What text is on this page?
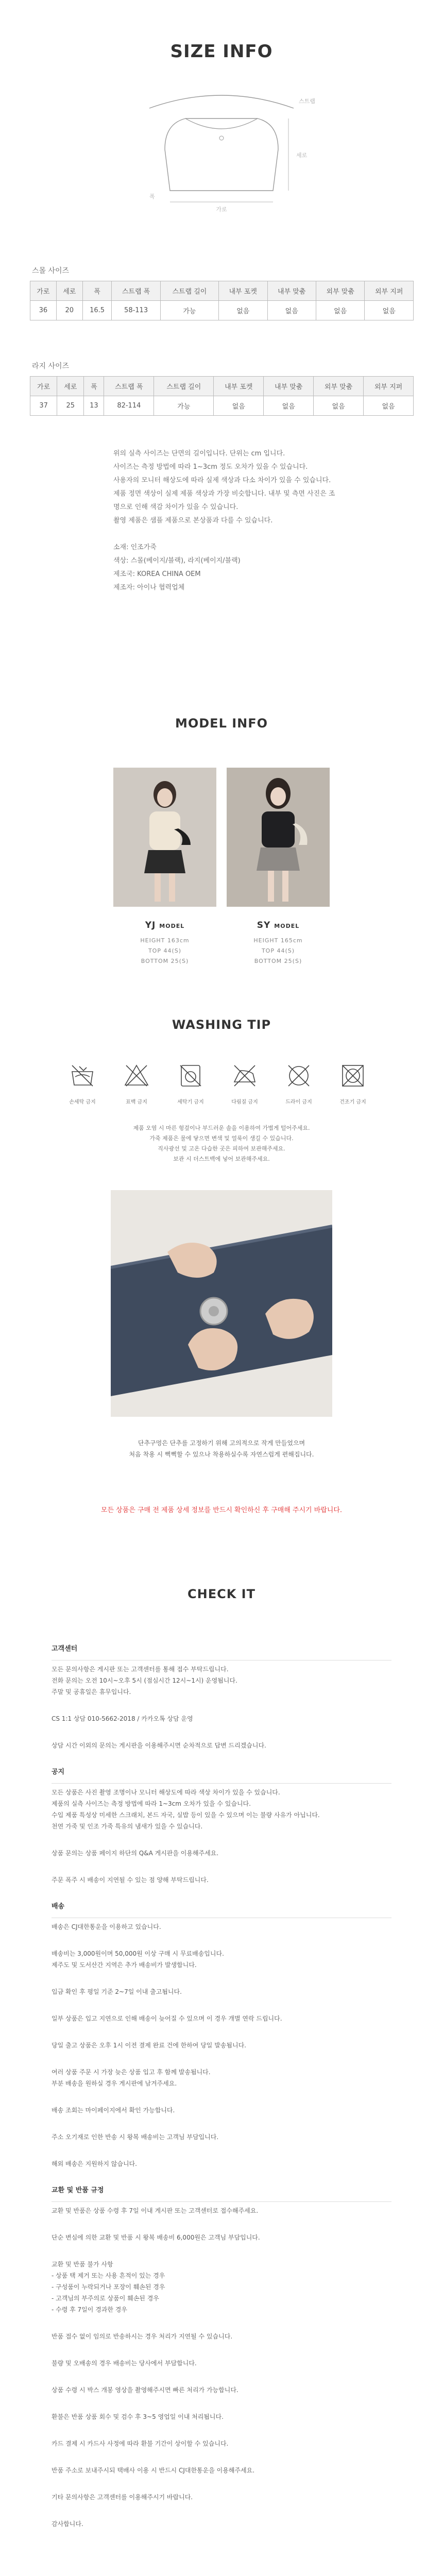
SIZE INFO
가로
세로
스트랩
폭
스몰 사이즈
가로	세로	폭	스트랩 폭	스트랩 길이	내부 포켓	내부 맞춤	외부 맞춤	외부 지퍼
36	20	16.5	58-113	가능	없음	없음	없음	없음
라지 사이즈
가로	세로	폭	스트랩 폭	스트랩 길이	내부 포켓	내부 맞춤	외부 맞춤	외부 지퍼
37	25	13	82-114	가능	없음	없음	없음	없음

위의 실측 사이즈는 단면의 길이입니다. 단위는 cm 입니다.

사이즈는 측정 방법에 따라 1~3cm 정도 오차가 있을 수 있습니다.

사용자의 모니터 해상도에 따라 실제 색상과 다소 차이가 있을 수 있습니다.

제품 정면 색상이 실제 제품 색상과 가장 비슷합니다. 내부 및 측면 사진은 조명으로 인해 색감 차이가 있을 수 있습니다.

촬영 제품은 샘플 제품으로 본상품과 다를 수 있습니다.

소재: 인조가죽

색상: 스몰(베이지/블랙), 라지(베이지/블랙)

제조국: KOREA CHINA OEM

제조자: 아이나 협력업체

MODEL INFO
YJ MODEL
HEIGHT 163cm
TOP 44(S)
BOTTOM 25(S)
SY MODEL
HEIGHT 165cm
TOP 44(S)
BOTTOM 25(S)
WASHING TIP
손세탁 금지	표백 금지	세탁기 금지	다림질 금지	드라이 금지	건조기 금지

제품 오염 시 마른 헝겊이나 부드러운 솔을 이용하여 가볍게 털어주세요.

가죽 제품은 물에 닿으면 변색 및 얼룩이 생길 수 있습니다.

직사광선 및 고온 다습한 곳은 피하여 보관해주세요.

보관 시 더스트백에 넣어 보관해주세요.

단추구멍은 단추를 고정하기 위해 고의적으로 작게 만들었으며

처음 착용 시 뻑뻑할 수 있으나 착용하실수록 자연스럽게 편해집니다.

모든 상품은 구매 전 제품 상세 정보를 반드시 확인하신 후 구매해 주시기 바랍니다.
CHECK IT

고객센터

모든 문의사항은 게시판 또는 고객센터를 통해 접수 부탁드립니다.

전화 문의는 오전 10시~오후 5시 (점심시간 12시~1시) 운영됩니다.

주말 및 공휴일은 휴무입니다.

CS 1:1 상담 010-5662-2018 / 카카오톡 상담 운영

상담 시간 이외의 문의는 게시판을 이용해주시면 순차적으로 답변 드리겠습니다.

공지

모든 상품은 사진 촬영 조명이나 모니터 해상도에 따라 색상 차이가 있을 수 있습니다.

제품의 실측 사이즈는 측정 방법에 따라 1~3cm 오차가 있을 수 있습니다.

수입 제품 특성상 미세한 스크래치, 본드 자국, 실밥 등이 있을 수 있으며 이는 불량 사유가 아닙니다.

천연 가죽 및 인조 가죽 특유의 냄새가 있을 수 있습니다.

상품 문의는 상품 페이지 하단의 Q&A 게시판을 이용해주세요.

주문 폭주 시 배송이 지연될 수 있는 점 양해 부탁드립니다.

배송

배송은 CJ대한통운을 이용하고 있습니다.

배송비는 3,000원이며 50,000원 이상 구매 시 무료배송입니다.

제주도 및 도서산간 지역은 추가 배송비가 발생합니다.

입금 확인 후 평일 기준 2~7일 이내 출고됩니다.

일부 상품은 입고 지연으로 인해 배송이 늦어질 수 있으며 이 경우 개별 연락 드립니다.

당일 출고 상품은 오후 1시 이전 결제 완료 건에 한하여 당일 발송됩니다.

여러 상품 주문 시 가장 늦은 상품 입고 후 함께 발송됩니다.

부분 배송을 원하실 경우 게시판에 남겨주세요.

배송 조회는 마이페이지에서 확인 가능합니다.

주소 오기재로 인한 반송 시 왕복 배송비는 고객님 부담입니다.

해외 배송은 지원하지 않습니다.

교환 및 반품 규정

교환 및 반품은 상품 수령 후 7일 이내 게시판 또는 고객센터로 접수해주세요.

단순 변심에 의한 교환 및 반품 시 왕복 배송비 6,000원은 고객님 부담입니다.

교환 및 반품 불가 사항

- 상품 택 제거 또는 사용 흔적이 있는 경우

- 구성품이 누락되거나 포장이 훼손된 경우

- 고객님의 부주의로 상품이 훼손된 경우

- 수령 후 7일이 경과한 경우

반품 접수 없이 임의로 반송하시는 경우 처리가 지연될 수 있습니다.

불량 및 오배송의 경우 배송비는 당사에서 부담합니다.

상품 수령 시 박스 개봉 영상을 촬영해주시면 빠른 처리가 가능합니다.

환불은 반품 상품 회수 및 검수 후 3~5 영업일 이내 처리됩니다.

카드 결제 시 카드사 사정에 따라 환불 기간이 상이할 수 있습니다.

반품 주소로 보내주시되 택배사 이용 시 반드시 CJ대한통운을 이용해주세요.

기타 문의사항은 고객센터를 이용해주시기 바랍니다.

감사합니다.
